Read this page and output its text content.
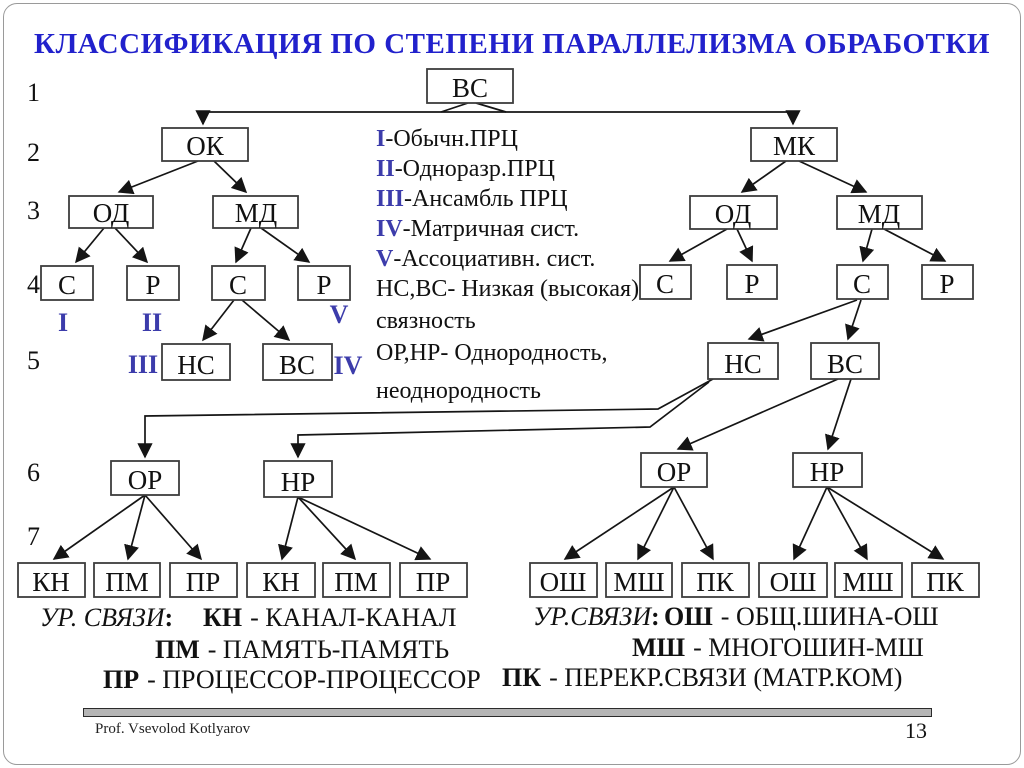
КЛАССИФИКАЦИЯ ПО СТЕПЕНИ ПАРАЛЛЕЛИЗМА ОБРАБОТКИ
1
2
3
4
5
6
7
I-Обычн.ПРЦ
II-Одноразр.ПРЦ
III-Ансамбль ПРЦ
IV-Матричная сист.
V-Ассоциативн. сист.
НС,ВС- Низкая (высокая)
связность
ОР,НР- Однородность,
неоднородность
ВС
ОК
ОД	МД
С	Р	С	Р
НС ВС
ОР	НР
КН ПМ ПР КН ПМ ПР
МК
ОД	МД
С	Р	С	Р
НС ВС
ОР	НР
ОШ МШ ПК ОШ МШ ПК
I	II	V
III	IV
УР. СВЯЗИ: КН - КАНАЛ-КАНАЛ
ПМ - ПАМЯТЬ-ПАМЯТЬ
ПР - ПРОЦЕССОР-ПРОЦЕССОР
УР.СВЯЗИ: ОШ - ОБЩ.ШИНА-ОШ
МШ - МНОГОШИН-МШ
ПК - ПЕРЕКР.СВЯЗИ (МАТР.КОМ)
Prof. Vsevolod Kotlyarov	13
